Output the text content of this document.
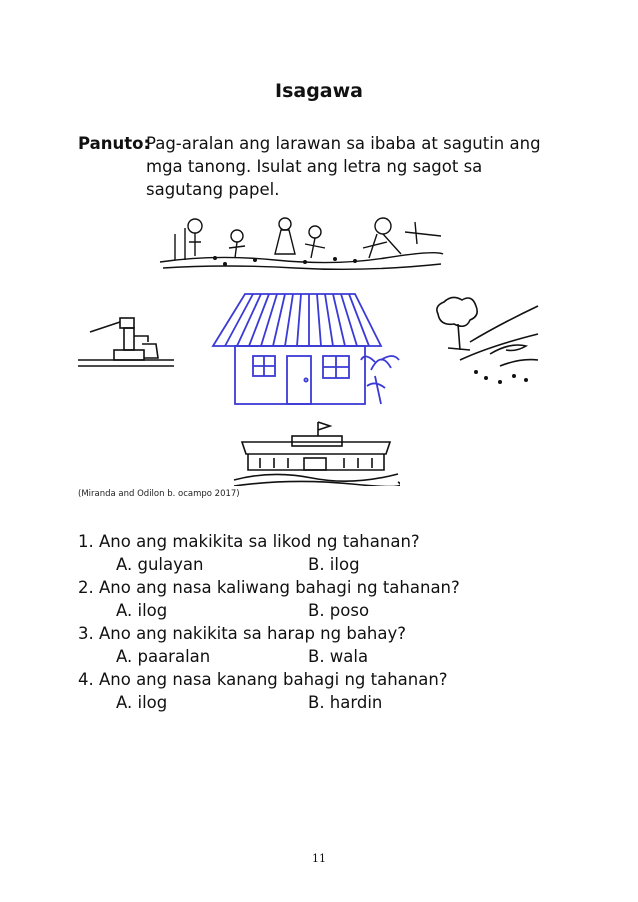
Isagawa
Panuto:
Pag-aralan ang larawan sa ibaba at sagutin ang
mga tanong. Isulat ang letra ng sagot sa
sagutang papel.
(Miranda and Odilon b. ocampo 2017)
1. Ano ang makikita sa likod ng tahanan?
A. gulayan	B. ilog
2. Ano ang nasa kaliwang bahagi ng tahanan?
A. ilog	B. poso
3. Ano ang nakikita sa harap ng bahay?
A. paaralan	B. wala
4. Ano ang nasa kanang bahagi ng tahanan?
A. ilog	B. hardin
11
